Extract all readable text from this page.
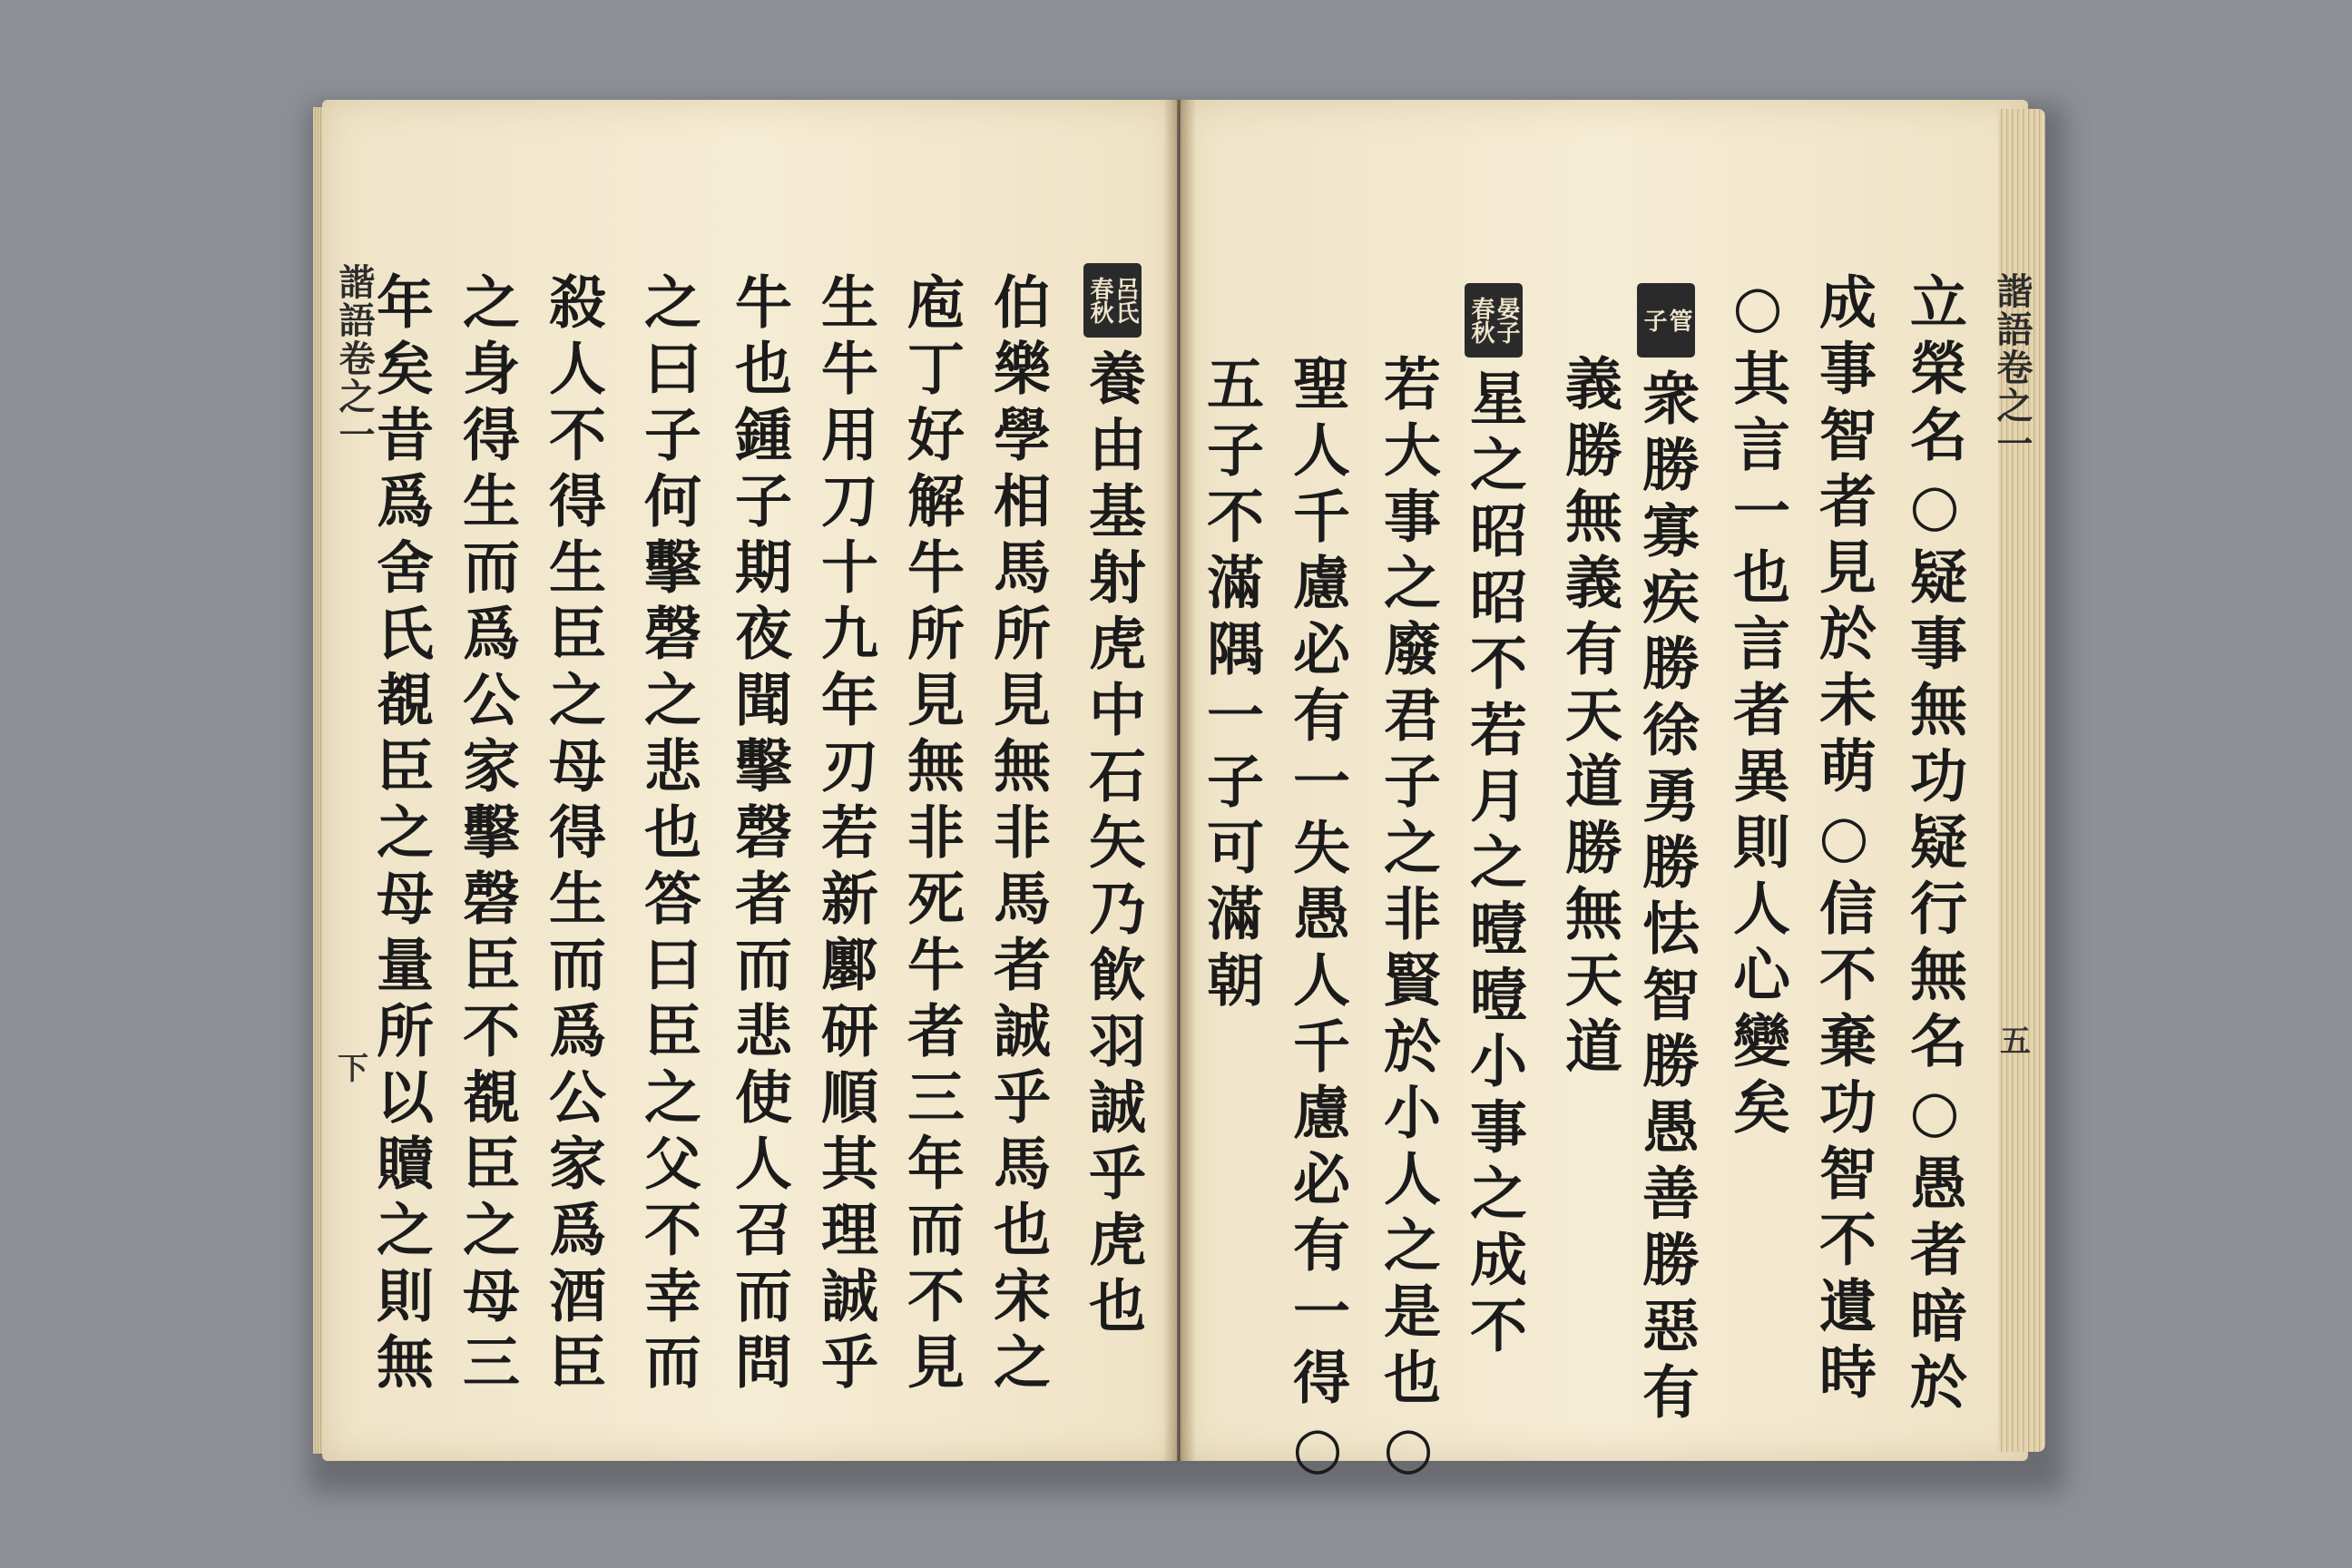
諧語卷之一
下
呂氏
春秋
養由基射虎中石矢乃飮羽誠乎虎也
伯樂學相馬所見無非馬者誠乎馬也宋之
庖丁好解牛所見無非死牛者三年而不見
生牛用刀十九年刃若新鄽研順其理誠乎
牛也鍾子期夜聞擊磬者而悲使人召而問
之曰子何擊磬之悲也答曰臣之父不幸而
殺人不得生臣之母得生而爲公家爲酒臣
之身得生而爲公家擊磬臣不覩臣之母三
年矣昔爲舍氏覩臣之母量所以贖之則無	諧語卷之一
五
立榮名○疑事無功疑行無名○愚者暗於
成事智者見於未萌○信不棄功智不遺時
○其言一也言者異則人心變矣
管
子
衆勝寡疾勝徐勇勝怯智勝愚善勝惡有
義勝無義有天道勝無天道
晏子
春秋
星之昭昭不若月之曀曀小事之成不
若大事之廢君子之非賢於小人之是也○
聖人千慮必有一失愚人千慮必有一得○
五子不滿隅一子可滿朝
